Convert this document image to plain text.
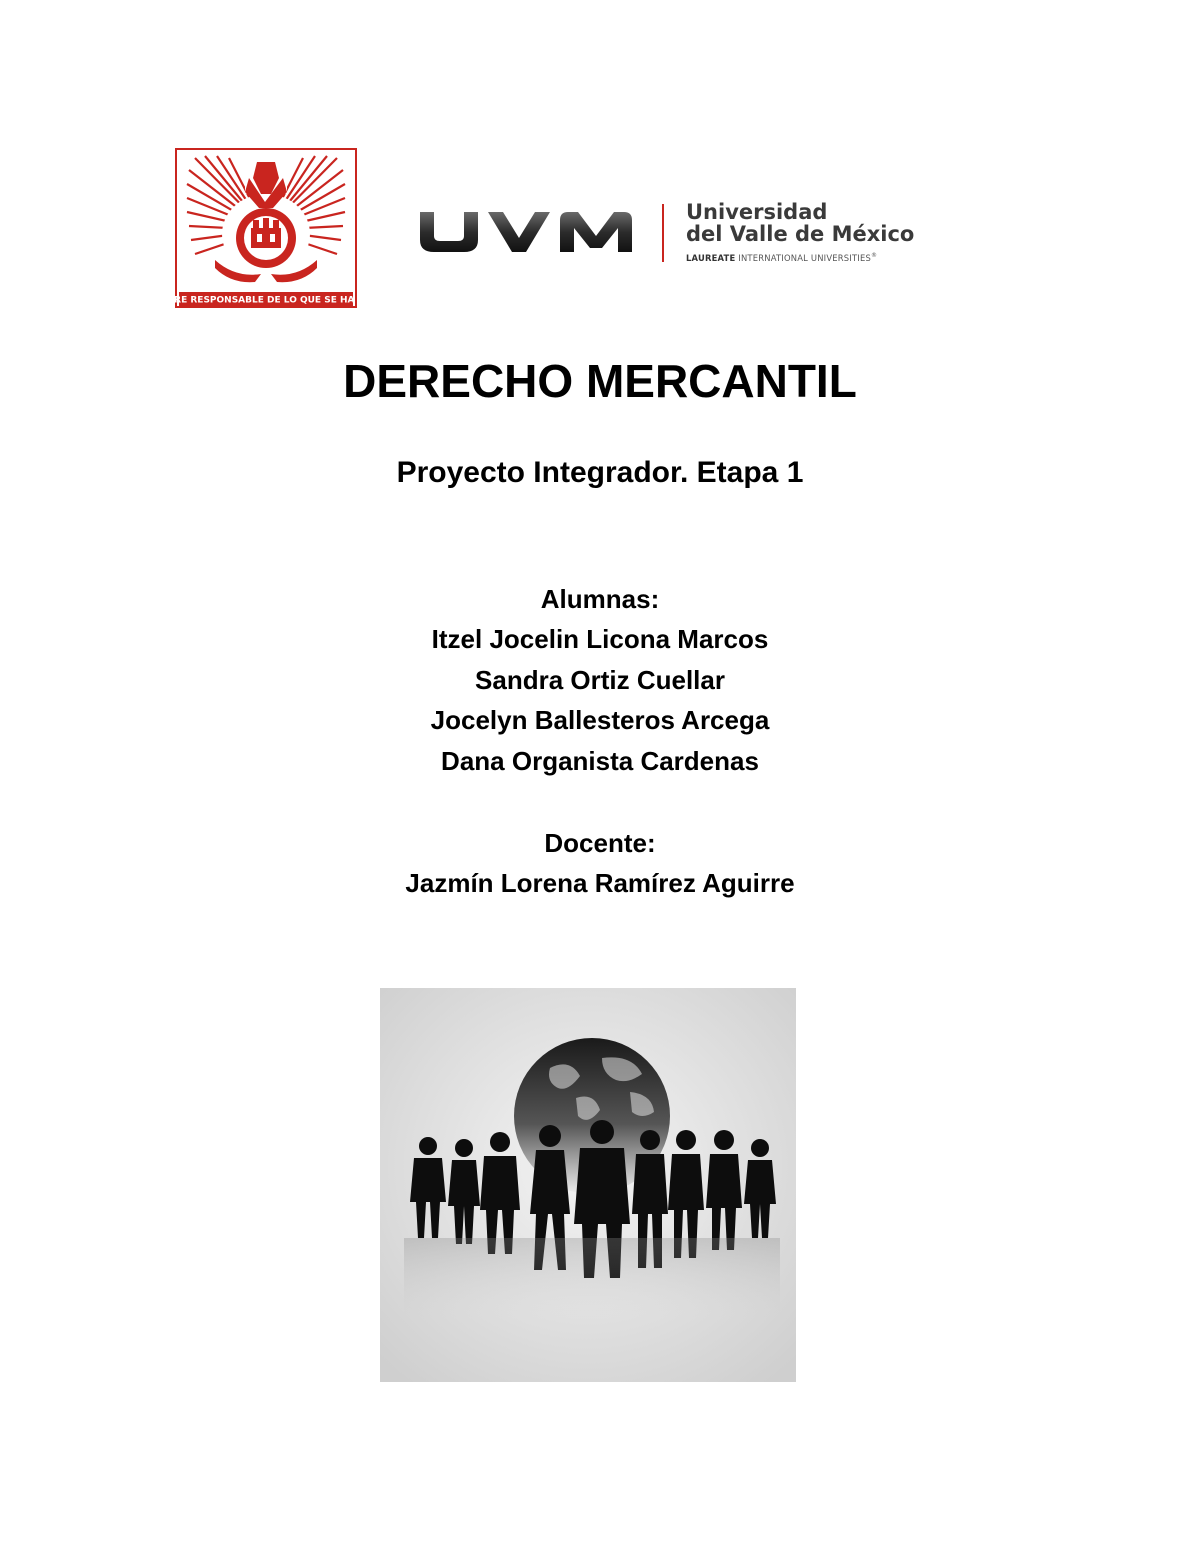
POR SIEMPRE RESPONSABLE DE LO QUE SE HA CULTIVADO
Universidad
del Valle de México
LAUREATE INTERNATIONAL UNIVERSITIES®
DERECHO MERCANTIL
Proyecto Integrador. Etapa 1
Alumnas:
Itzel Jocelin Licona Marcos
Sandra Ortiz Cuellar
Jocelyn Ballesteros Arcega
Dana Organista Cardenas
Docente:
Jazmín Lorena Ramírez Aguirre
